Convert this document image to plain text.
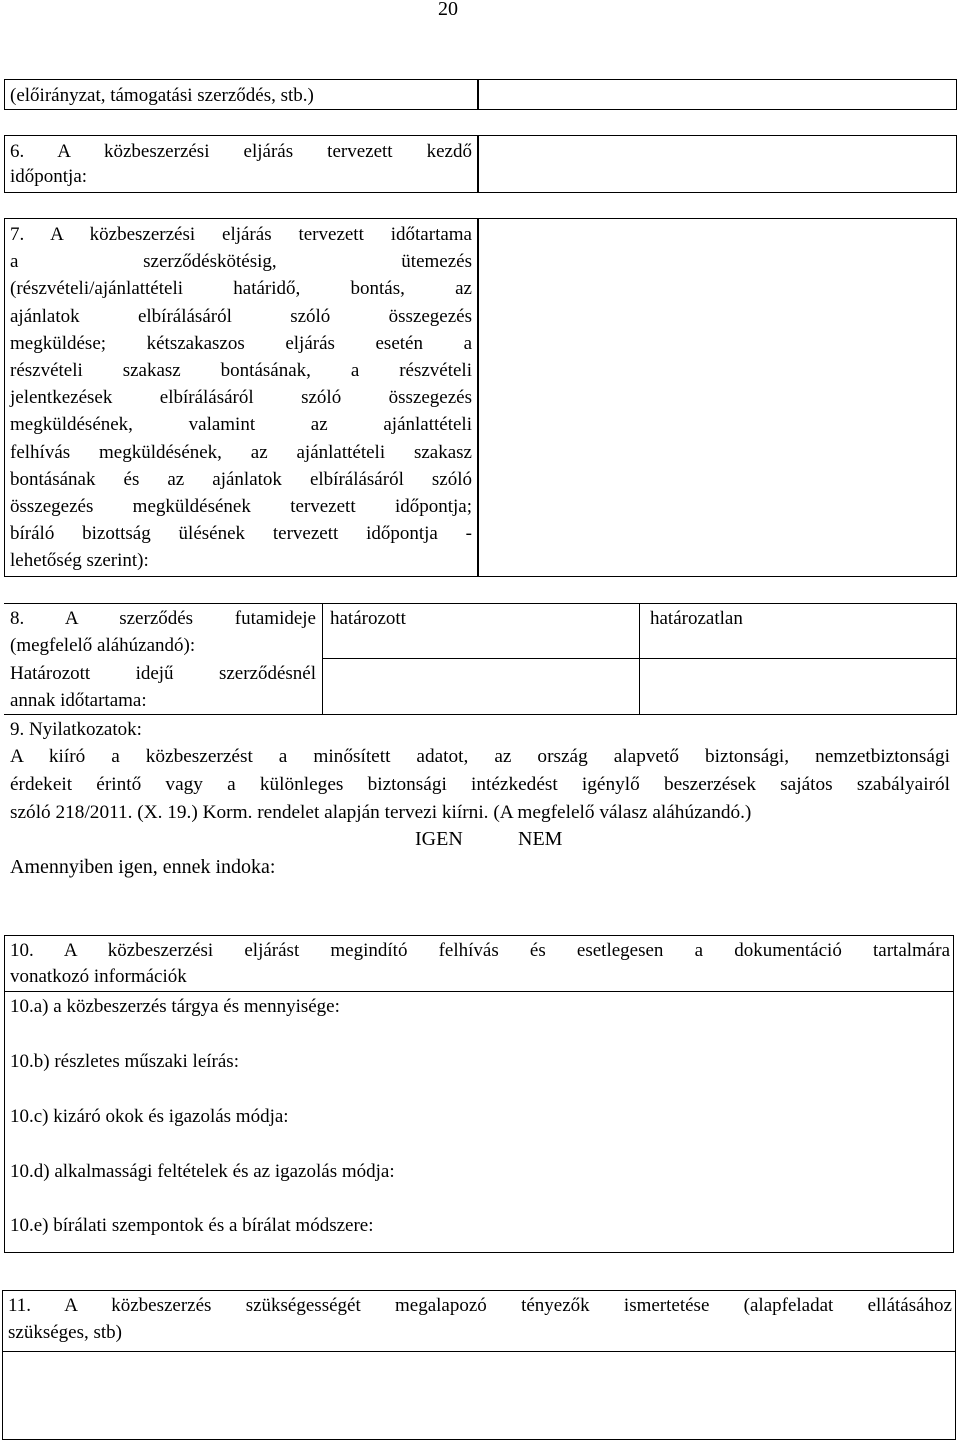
20
(előirányzat, támogatási szerződés, stb.)
6. A közbeszerzési eljárás tervezett kezdő
időpontja:
7. A közbeszerzési eljárás tervezett időtartama
a szerződéskötésig, ütemezés
(részvételi/ajánlattételi határidő, bontás, az
ajánlatok elbírálásáról szóló összegezés
megküldése; kétszakaszos eljárás esetén a
részvételi szakasz bontásának, a részvételi
jelentkezések elbírálásáról szóló összegezés
megküldésének, valamint az ajánlattételi
felhívás megküldésének, az ajánlattételi szakasz
bontásának és az ajánlatok elbírálásáról szóló
összegezés megküldésének tervezett időpontja;
bíráló bizottság ülésének tervezett időpontja -
lehetőség szerint):
8. A szerződés futamideje
(megfelelő aláhúzandó):
Határozott idejű szerződésnél
annak időtartama:
határozott	határozatlan
9. Nyilatkozatok:
A kiíró a közbeszerzést a minősített adatot, az ország alapvető biztonsági, nemzetbiztonsági
érdekeit érintő vagy a különleges biztonsági intézkedést igénylő beszerzések sajátos szabályairól
szóló 218/2011. (X. 19.) Korm. rendelet alapján tervezi kiírni. (A megfelelő válasz aláhúzandó.)
IGEN	NEM
Amennyiben igen, ennek indoka:
10. A közbeszerzési eljárást megindító felhívás és esetlegesen a dokumentáció tartalmára
vonatkozó információk
10.a) a közbeszerzés tárgya és mennyisége:
10.b) részletes műszaki leírás:
10.c) kizáró okok és igazolás módja:
10.d) alkalmassági feltételek és az igazolás módja:
10.e) bírálati szempontok és a bírálat módszere:
11. A közbeszerzés szükségességét megalapozó tényezők ismertetése (alapfeladat ellátásához
szükséges, stb)
